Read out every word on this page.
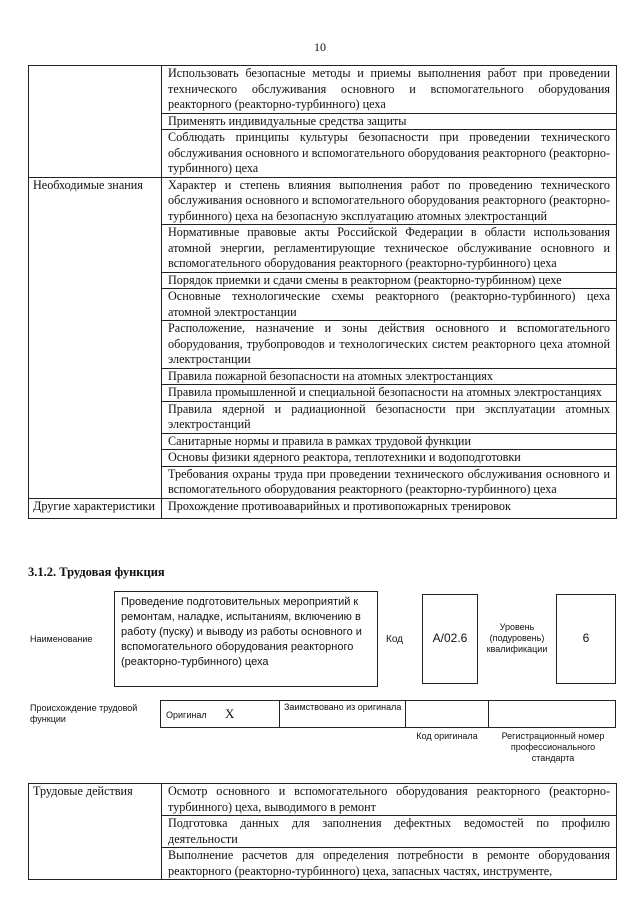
10
	Использовать безопасные методы и приемы выполнения работ при проведении технического обслуживания основного и вспомогательного оборудования реакторного (реакторно-турбинного) цеха
	Применять индивидуальные средства защиты
	Соблюдать принципы культуры безопасности при проведении технического обслуживания основного и вспомогательного оборудования реакторного (реакторно-турбинного) цеха
Необходимые знания	Характер и степень влияния выполнения работ по проведению технического обслуживания основного и вспомогательного оборудования реакторного (реакторно-турбинного) цеха на безопасную эксплуатацию атомных электростанций
	Нормативные правовые акты Российской Федерации в области использования атомной энергии, регламентирующие техническое обслуживание основного и вспомогательного оборудования реакторного (реакторно-турбинного) цеха
	Порядок приемки и сдачи смены в реакторном (реакторно-турбинном) цехе
	Основные технологические схемы реакторного (реакторно-турбинного) цеха атомной электростанции
	Расположение, назначение и зоны действия основного и вспомогательного оборудования, трубопроводов и технологических систем реакторного цеха атомной электростанции
	Правила пожарной безопасности на атомных электростанциях
	Правила промышленной и специальной безопасности на атомных электростанциях
	Правила ядерной и радиационной безопасности при эксплуатации атомных электростанций
	Санитарные нормы и правила в рамках трудовой функции
	Основы физики ядерного реактора, теплотехники и водоподготовки
	Требования охраны труда при проведении технического обслуживания основного и вспомогательного оборудования реакторного (реакторно-турбинного) цеха
Другие характеристики	Прохождение противоаварийных и противопожарных тренировок
3.1.2. Трудовая функция
Наименование
Проведение подготовительных мероприятий к ремонтам, наладке, испытаниям, включению в работу (пуску) и выводу из работы основного и вспомогательного оборудования реакторного (реакторно-турбинного) цеха
Код A/02.6
Уровень (подуровень) квалификации
6
Происхождение трудовой функции	Оригинал X	Заимствовано из оригинала
Код оригинала	Регистрационный номер профессионального стандарта
Трудовые действия	Осмотр основного и вспомогательного оборудования реакторного (реакторно-турбинного) цеха, выводимого в ремонт
Подготовка данных для заполнения дефектных ведомостей по профилю деятельности
Выполнение расчетов для определения потребности в ремонте оборудования реакторного (реакторно-турбинного) цеха, запасных частях, инструменте,
